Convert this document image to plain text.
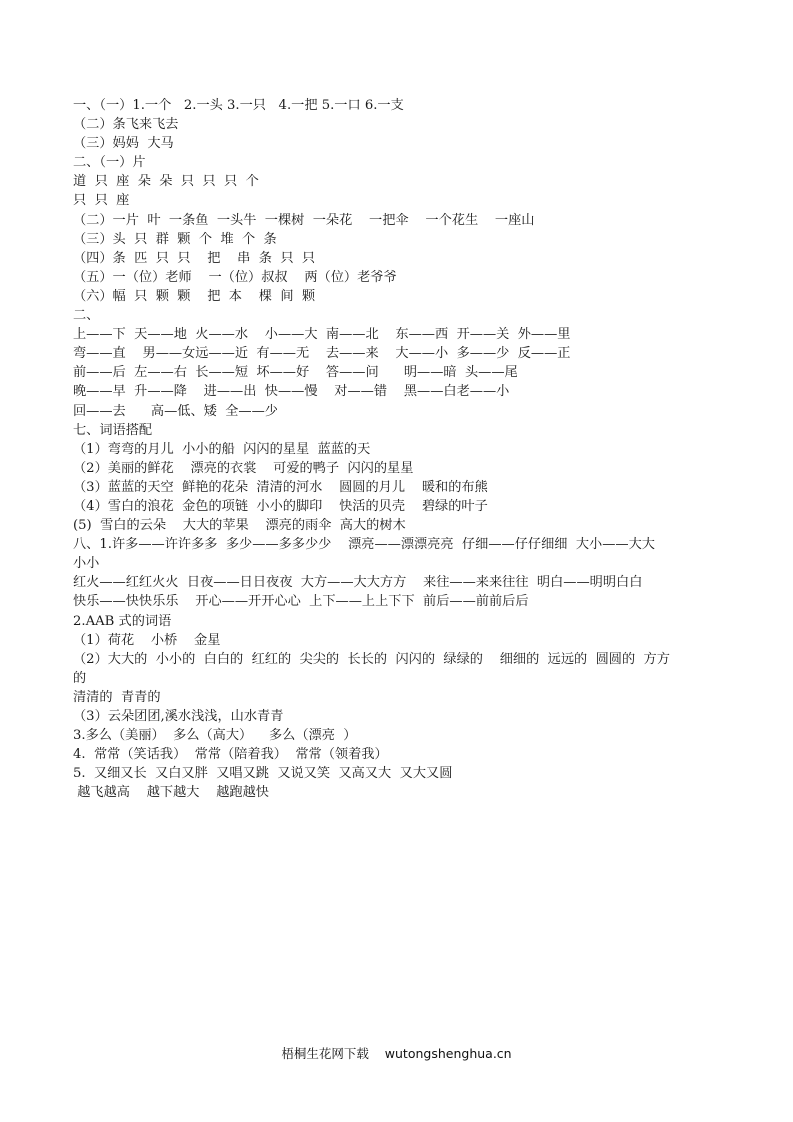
一、（一）1.一个   2.一头 3.一只   4.一把 5.一口 6.一支
（二）条飞来飞去
（三）妈妈  大马
二、（一）片
道  只  座  朵  朵  只  只  只  个
只  只  座
（二）一片  叶  一条鱼  一头牛  一棵树  一朵花    一把伞    一个花生    一座山
（三）头  只  群  颗  个  堆  个  条
（四）条  匹  只  只    把    串  条  只  只
（五）一（位）老师    一（位）叔叔    两（位）老爷爷
（六）幅  只  颗  颗    把  本    棵  间  颗
二、
上——下  天——地  火——水    小——大  南——北    东——西  开——关  外——里
弯——直    男——女远——近  有——无    去——来    大——小  多——少  反——正
前——后  左——右  长——短  坏——好    答——问      明——暗  头——尾
晚——早  升——降    进——出  快——慢    对——错    黑——白老——小
回——去      高—低、矮  全——少
七、词语搭配
（1）弯弯的月儿  小小的船  闪闪的星星  蓝蓝的天
（2）美丽的鲜花    漂亮的衣裳    可爱的鸭子  闪闪的星星
（3）蓝蓝的天空  鲜艳的花朵  清清的河水    圆圆的月儿    暖和的布熊
（4）雪白的浪花  金色的项链  小小的脚印    快活的贝壳    碧绿的叶子
(5)  雪白的云朵    大大的苹果    漂亮的雨伞  高大的树木
八、1.许多——许许多多  多少——多多少少    漂亮——漂漂亮亮  仔细——仔仔细细  大小——大大
小小
红火——红红火火  日夜——日日夜夜  大方——大大方方    来往——来来往往  明白——明明白白
快乐——快快乐乐    开心——开开心心  上下——上上下下  前后——前前后后
2.AAB 式的词语
（1）荷花    小桥    金星
（2）大大的  小小的  白白的  红红的  尖尖的  长长的  闪闪的  绿绿的    细细的  远远的  圆圆的  方方
的
清清的  青青的
（3）云朵团团,溪水浅浅，山水青青
3.多么（美丽）  多么（高大）    多么（漂亮  ）
4.  常常（笑话我）  常常（陪着我）  常常（领着我）
5.  又细又长  又白又胖  又唱又跳  又说又笑  又高又大  又大又圆
越飞越高    越下越大    越跑越快
梧桐生花网下载    wutongshenghua.cn
